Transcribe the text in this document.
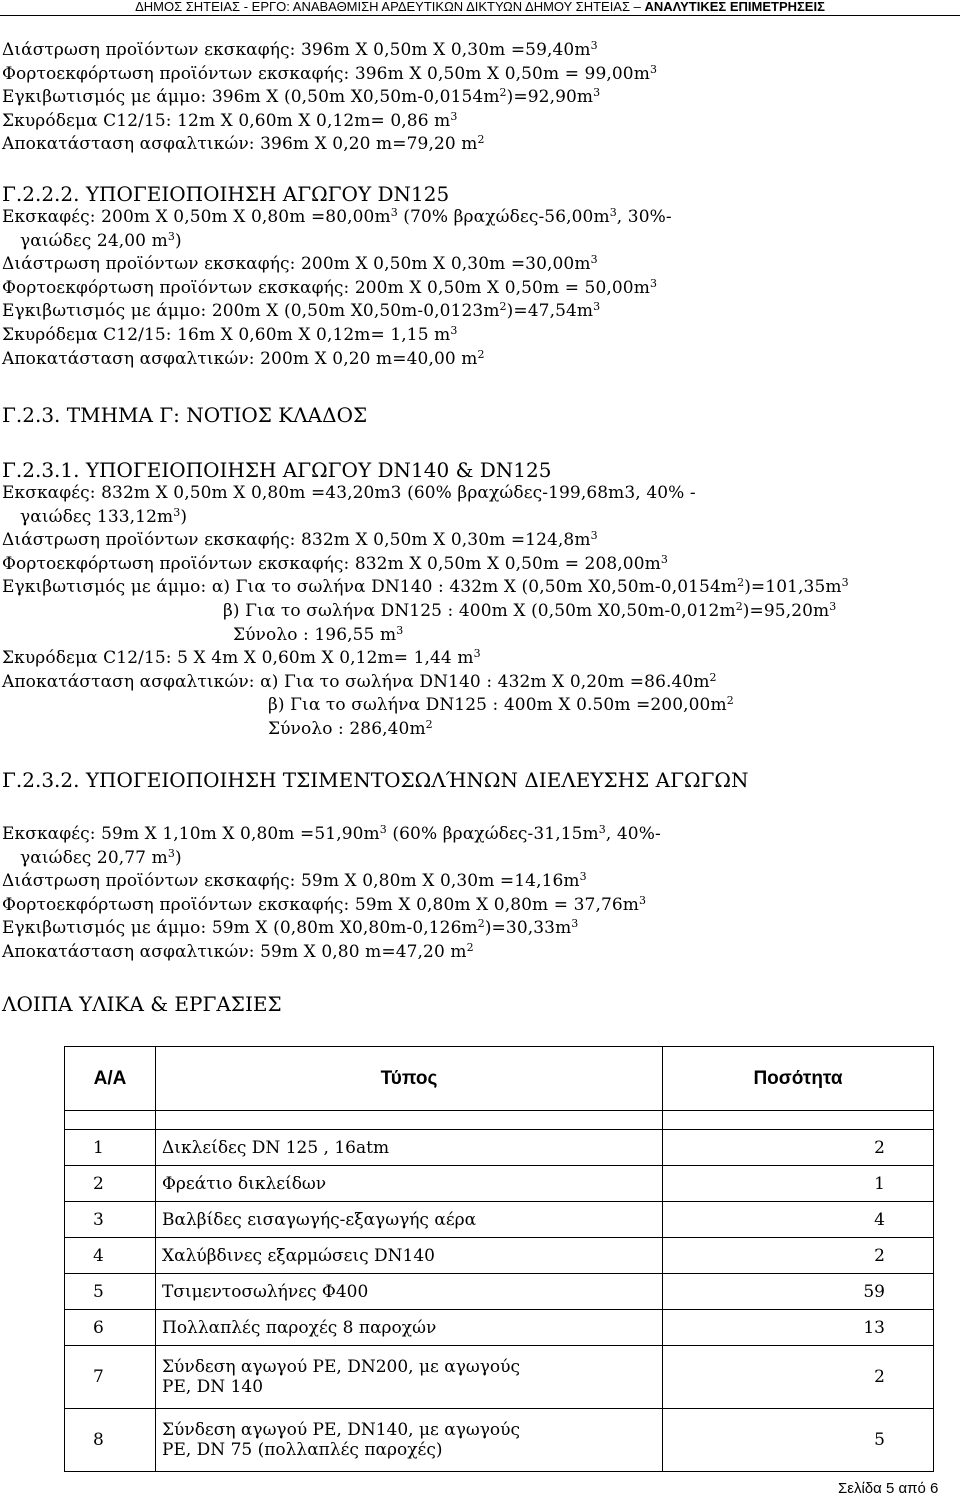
ΔΗΜΟΣ ΣΗΤΕΙΑΣ - ΕΡΓΟ: ΑΝΑΒΑΘΜΙΣΗ ΑΡΔΕΥΤΙΚΩΝ ΔΙΚΤΥΩΝ ΔΗΜΟΥ ΣΗΤΕΙΑΣ – ΑΝΑΛΥΤΙΚΕΣ ΕΠΙΜΕΤΡΗΣΕΙΣ
Διάστρωση προϊόντων εκσκαφής: 396m X 0,50m X $0,30m =59,40m^3$
Φορτοεκφόρτωση προϊόντων εκσκαφής: 396m X 0,50m X $0,50m = 99,00m^3$
Εγκιβωτισμός με άμμο: 396m X (0,50m $X0,50m-0,0154m^2)=92,90m^3$
Σκυρόδεμα C12/15: 12m X 0,60m X 0,12m= 0,86 $m^3$
Αποκατάσταση ασφαλτικών: 396m X 0,20 m=79,20 $m^2$
Γ.2.2.2. ΥΠΟΓΕΙΟΠΟΙΗΣΗ ΑΓΩΓΟΥ DN125
Εκσκαφές: 200m X 0,50m X $0,80m =80,00m^3$ (70% βραχώδες-$56,00m^3$, 30%-
γαιώδες 24,00 $m^3$)
Διάστρωση προϊόντων εκσκαφής: 200m X 0,50m X $0,30m =30,00m^3$
Φορτοεκφόρτωση προϊόντων εκσκαφής: 200m X 0,50m X $0,50m = 50,00m^3$
Εγκιβωτισμός με άμμο: 200m X (0,50m $X0,50m-0,0123m^2)=47,54m^3$
Σκυρόδεμα C12/15: 16m X 0,60m X 0,12m= 1,15 $m^3$
Αποκατάσταση ασφαλτικών: 200m X 0,20 m=40,00 $m^2$
Γ.2.3. ΤΜΗΜΑ Γ: ΝΟΤΙΟΣ ΚΛΑΔΟΣ
Γ.2.3.1. ΥΠΟΓΕΙΟΠΟΙΗΣΗ ΑΓΩΓΟΥ DN140 & DN125
Εκσκαφές: 832m X 0,50m X 0,80m =43,20m3 (60% βραχώδες-199,68m3, 40% -
γαιώδες $133,12m^3$)
Διάστρωση προϊόντων εκσκαφής: 832m X 0,50m X $0,30m =124,8m^3$
Φορτοεκφόρτωση προϊόντων εκσκαφής: 832m X 0,50m X $0,50m = 208,00m^3$
Εγκιβωτισμός με άμμο: α) Για το σωλήνα DN140 : 432m X (0,50m $X0,50m-0,0154m^2)=101,35m^3$
β) Για το σωλήνα DN125 : 400m X (0,50m $X0,50m-0,012m^2)=95,20m^3$
Σύνολο : 196,55 $m^3$
Σκυρόδεμα C12/15: 5 X 4m X 0,60m X 0,12m= 1,44 $m^3$
Αποκατάσταση ασφαλτικών: α) Για το σωλήνα DN140 : 432m X $0,20m =86.40m^2$
β) Για το σωλήνα DN125 : 400m X $0.50m =200,00m^2$
Σύνολο : $286,40m^2$
Γ.2.3.2. ΥΠΟΓΕΙΟΠΟΙΗΣΗ ΤΣΙΜΕΝΤΟΣΩΛΉΝΩΝ ΔΙΕΛΕΥΣΗΣ ΑΓΩΓΩΝ
Εκσκαφές: 59m X 1,10m X $0,80m =51,90m^3$ (60% βραχώδες-$31,15m^3$, 40%-
γαιώδες 20,77 $m^3$)
Διάστρωση προϊόντων εκσκαφής: 59m X 0,80m X $0,30m =14,16m^3$
Φορτοεκφόρτωση προϊόντων εκσκαφής: 59m X 0,80m X $0,80m = 37,76m^3$
Εγκιβωτισμός με άμμο: 59m X (0,80m $X0,80m-0,126m^2)=30,33m^3$
Αποκατάσταση ασφαλτικών: 59m X 0,80 m=47,20 $m^2$
ΛΟΙΠΑ ΥΛΙΚΑ & ΕΡΓΑΣΙΕΣ
Α/Α	Τύπος	Ποσότητα

1	Δικλείδες DN 125 , 16atm	2
2	Φρεάτιο δικλείδων	1
3	Βαλβίδες εισαγωγής-εξαγωγής αέρα	4
4	Χαλύβδινες εξαρμώσεις DN140	2
5	Τσιμεντοσωλήνες Φ400	59
6	Πολλαπλές παροχές 8 παροχών	13
7	Σύνδεση αγωγού PE, DN200, με αγωγούς
PE, DN 140	2
8	Σύνδεση αγωγού PE, DN140, με αγωγούς
PE, DN 75 (πολλαπλές παροχές)	5
Σελίδα 5 από 6
